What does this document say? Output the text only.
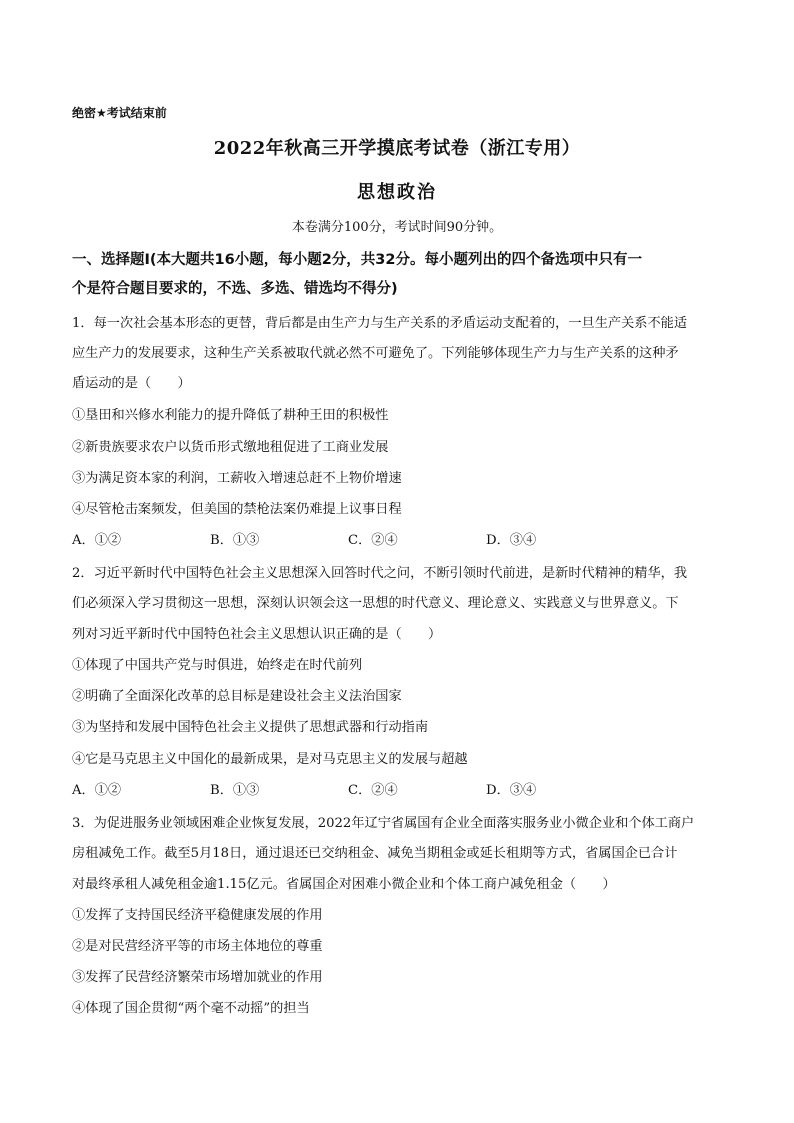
绝密★考试结束前
2022年秋高三开学摸底考试卷（浙江专用）
思想政治
本卷满分100分，考试时间90分钟。
一、选择题Ⅰ(本大题共16小题，每小题2分，共32分。每小题列出的四个备选项中只有一
个是符合题目要求的，不选、多选、错选均不得分)
1．每一次社会基本形态的更替，背后都是由生产力与生产关系的矛盾运动支配着的，一旦生产关系不能适
应生产力的发展要求，这种生产关系被取代就必然不可避免了。下列能够体现生产力与生产关系的这种矛
盾运动的是（　　）
①垦田和兴修水利能力的提升降低了耕种王田的积极性
②新贵族要求农户以货币形式缴地租促进了工商业发展
③为满足资本家的利润，工薪收入增速总赶不上物价增速
④尽管枪击案频发，但美国的禁枪法案仍难提上议事日程
A．①②	B．①③	C．②④	D．③④
2．习近平新时代中国特色社会主义思想深入回答时代之问，不断引领时代前进，是新时代精神的精华，我
们必须深入学习贯彻这一思想，深刻认识领会这一思想的时代意义、理论意义、实践意义与世界意义。下
列对习近平新时代中国特色社会主义思想认识正确的是（　　）
①体现了中国共产党与时俱进，始终走在时代前列
②明确了全面深化改革的总目标是建设社会主义法治国家
③为坚持和发展中国特色社会主义提供了思想武器和行动指南
④它是马克思主义中国化的最新成果，是对马克思主义的发展与超越
A．①②	B．①③	C．②④	D．③④
3．为促进服务业领域困难企业恢复发展，2022年辽宁省属国有企业全面落实服务业小微企业和个体工商户
房租减免工作。截至5月18日，通过退还已交纳租金、减免当期租金或延长租期等方式，省属国企已合计
对最终承租人减免租金逾1.15亿元。省属国企对困难小微企业和个体工商户减免租金（　　）
①发挥了支持国民经济平稳健康发展的作用
②是对民营经济平等的市场主体地位的尊重
③发挥了民营经济繁荣市场增加就业的作用
④体现了国企贯彻“两个毫不动摇”的担当
